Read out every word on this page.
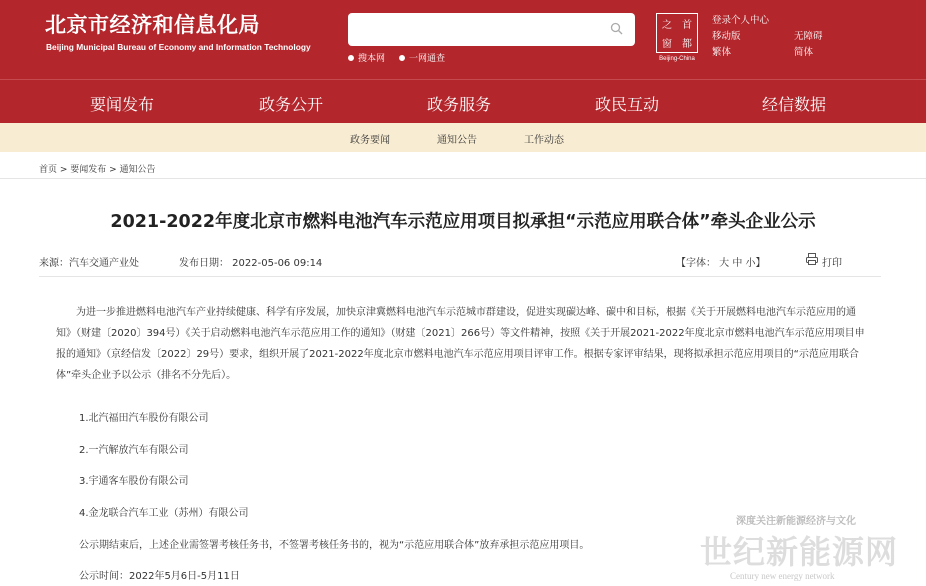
北京市经济和信息化局
Beijing Municipal Bureau of Economy and Information Technology
搜本网	一网通查
之	首
窗	都
Beijing-China
登录个人中心
移动版	无障碍
繁体	简体
要闻发布	政务公开	政务服务	政民互动	经信数据
政务要闻	通知公告	工作动态
首页 > 要闻发布 > 通知公告
2021-2022年度北京市燃料电池汽车示范应用项目拟承担“示范应用联合体”牵头企业公示
来源：汽车交通产业处	发布日期： 2022-05-06 09:14	【字体： 大 中 小】	打印
为进一步推进燃料电池汽车产业持续健康、科学有序发展，加快京津冀燃料电池汽车示范城市群建设，促进实现碳达峰、碳中和目标，根据《关于开展燃料电池汽车示范应用的通知》（财建〔2020〕394号）《关于启动燃料电池汽车示范应用工作的通知》（财建〔2021〕266号）等文件精神，按照《关于开展2021-2022年度北京市燃料电池汽车示范应用项目申报的通知》（京经信发〔2022〕29号）要求，组织开展了2021-2022年度北京市燃料电池汽车示范应用项目评审工作。根据专家评审结果，现将拟承担示范应用项目的“示范应用联合体”牵头企业予以公示（排名不分先后）。
1.北汽福田汽车股份有限公司
2.一汽解放汽车有限公司
3.宇通客车股份有限公司
4.金龙联合汽车工业（苏州）有限公司
公示期结束后，上述企业需签署考核任务书，不签署考核任务书的，视为“示范应用联合体”放弃承担示范应用项目。
公示时间：2022年5月6日-5月11日
深度关注新能源经济与文化
世纪新能源网
Century new energy network
